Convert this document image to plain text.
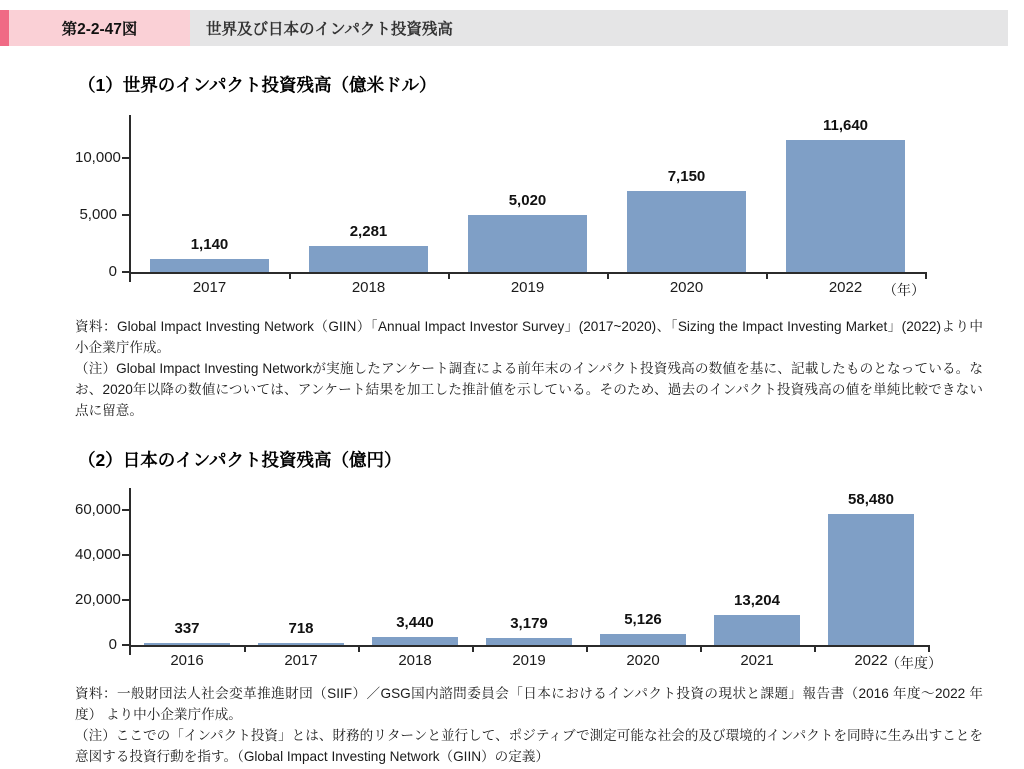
第2-2-47図	世界及び日本のインパクト投資残高
（1）世界のインパクト投資残高（億米ドル）
0
5,000
10,000
1,140
2017
2,281
2018
5,020
2019
7,150
2020
11,640
2022	（年）

資料：Global Impact Investing Network（GIIN）「Annual Impact Investor Survey」(2017~2020)、「Sizing the Impact Investing Market」(2022)より中小企業庁作成。

（注）Global Impact Investing Networkが実施したアンケート調査による前年末のインパクト投資残高の数値を基に、記載したものとなっている。なお、2020年以降の数値については、アンケート結果を加工した推計値を示している。そのため、過去のインパクト投資残高の値を単純比較できない点に留意。

（2）日本のインパクト投資残高（億円）
0
20,000
40,000
60,000
337
2016
718
2017
3,440
2018
3,179
2019
5,126
2020
13,204
2021
58,480
2022
（年度）

資料：一般財団法人社会変革推進財団（SIIF）／GSG国内諮問委員会「日本におけるインパクト投資の現状と課題」報告書（2016 年度～2022 年度） より中小企業庁作成。

（注）ここでの「インパクト投資」とは、財務的リターンと並行して、ポジティブで測定可能な社会的及び環境的インパクトを同時に生み出すことを意図する投資行動を指す。（Global Impact Investing Network（GIIN）の定義）
